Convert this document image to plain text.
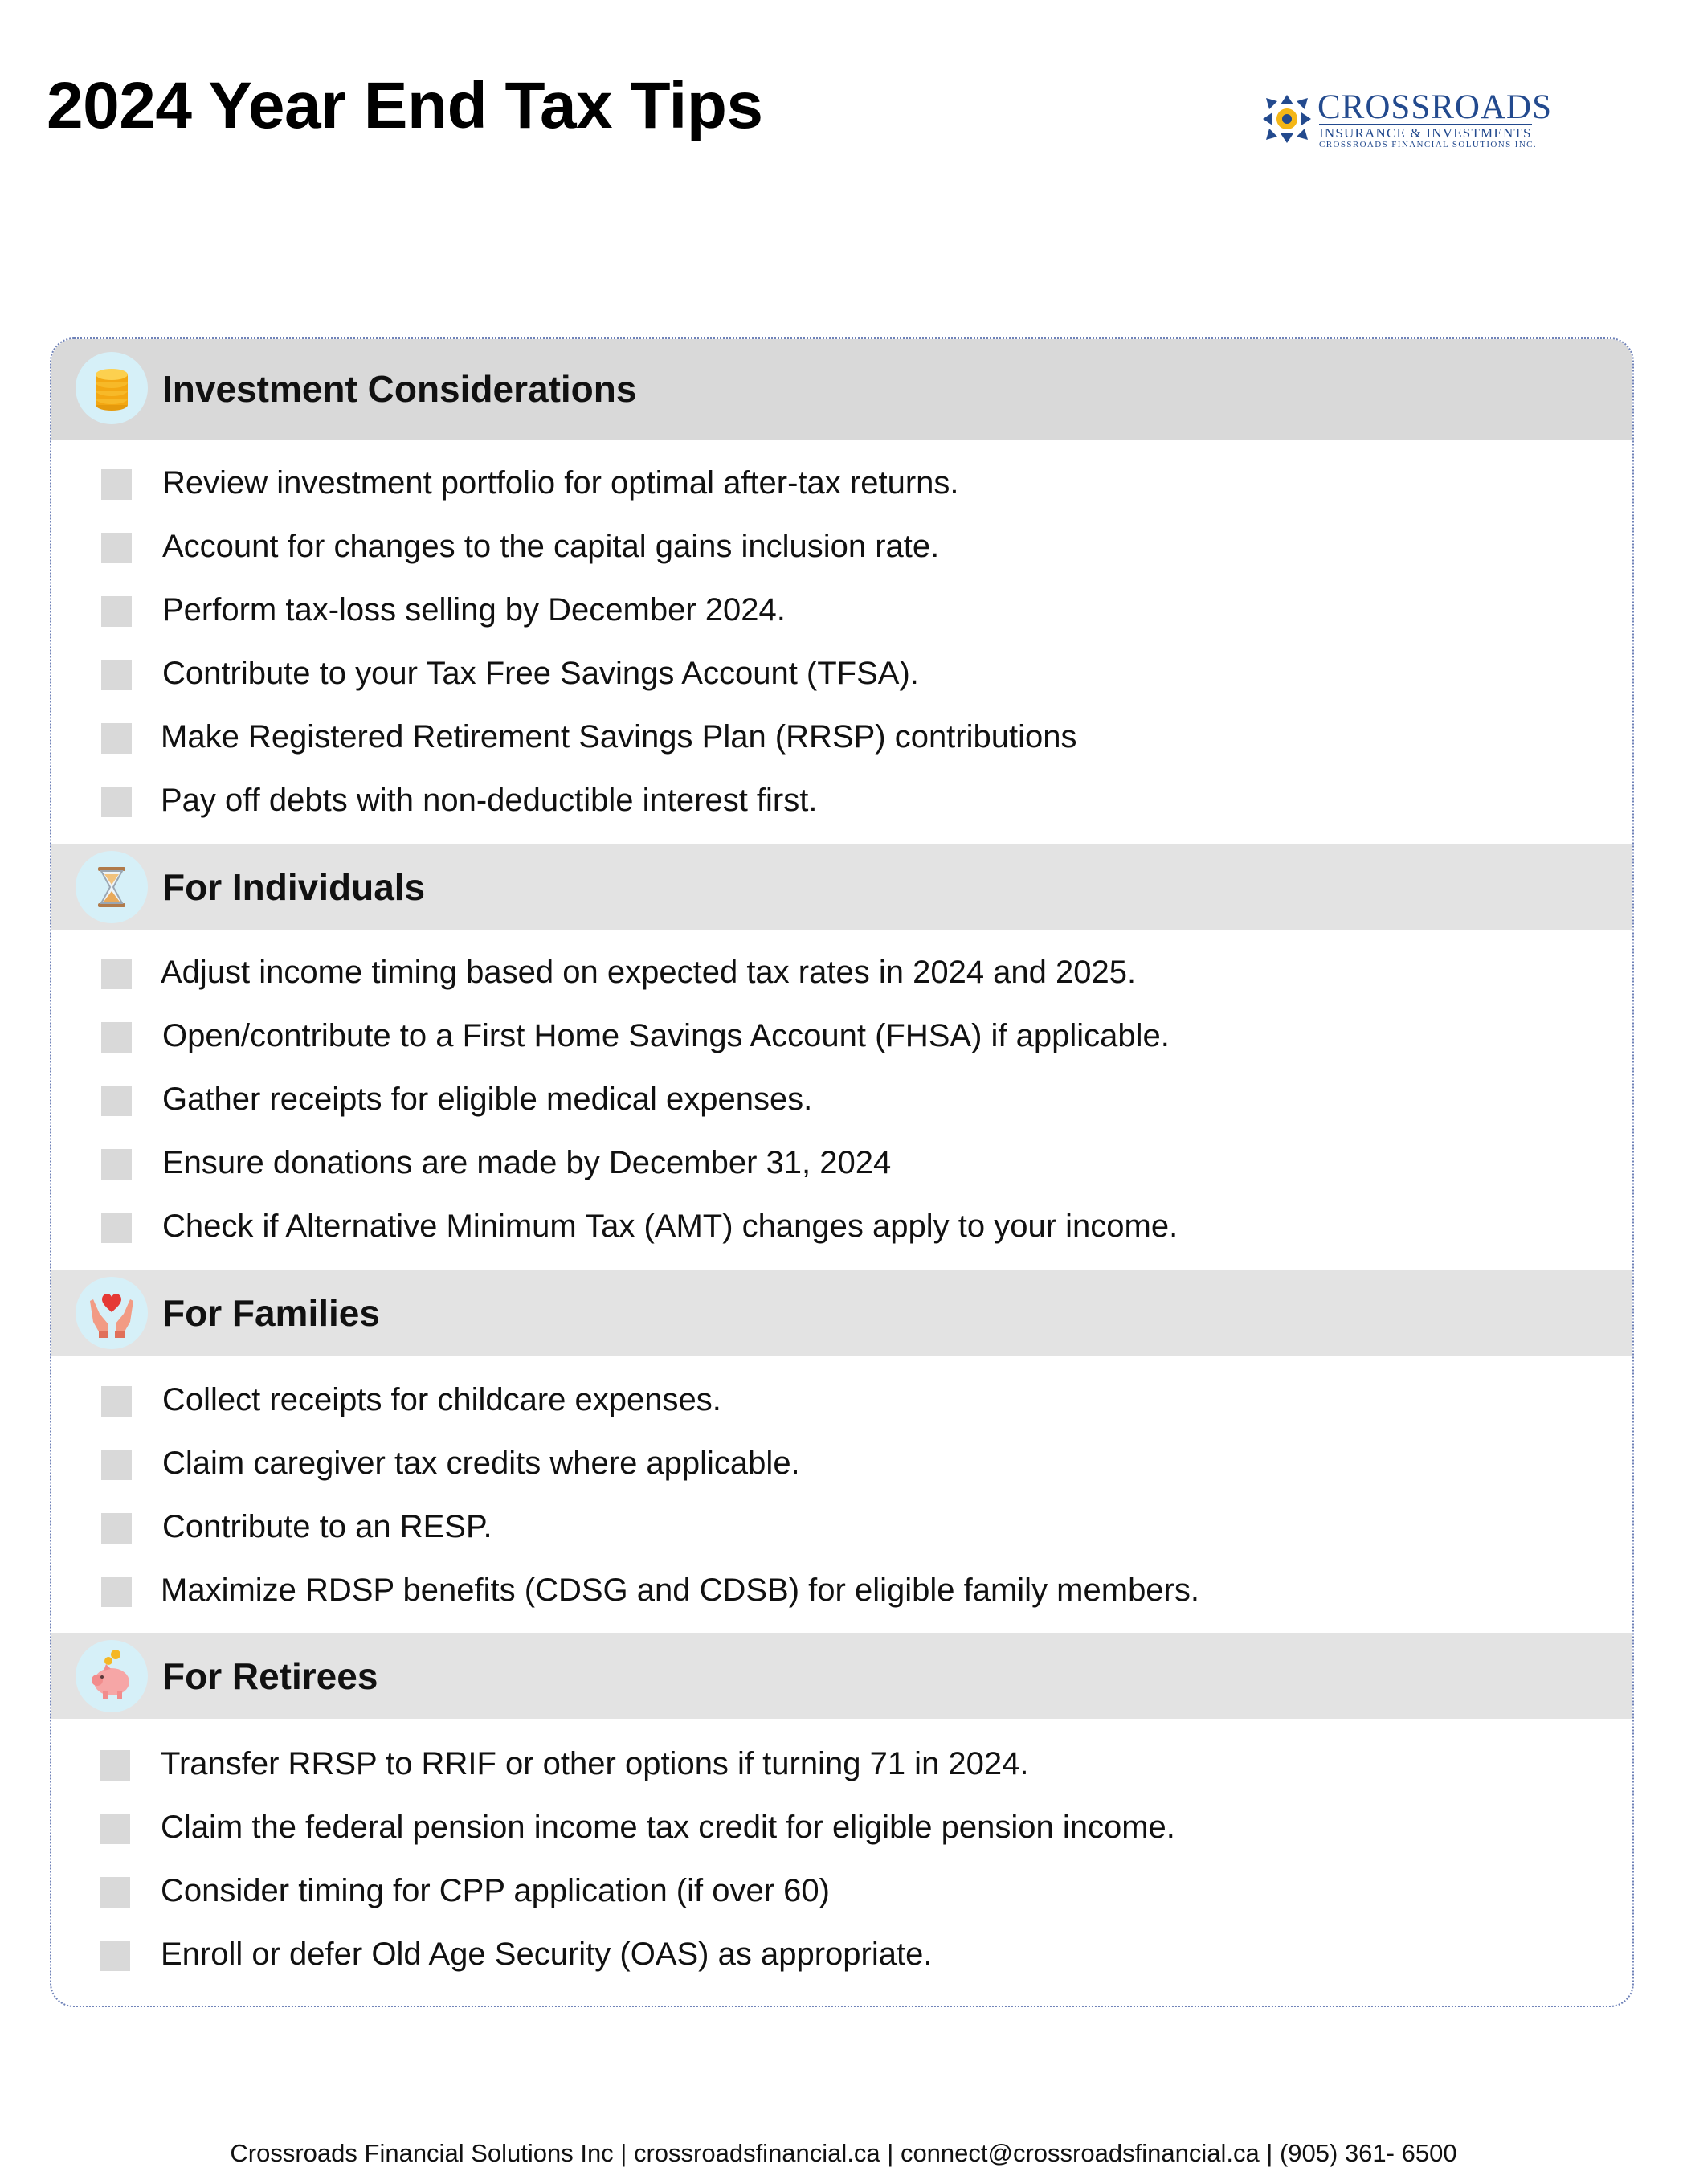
2024 Year End Tax Tips	CROSSROADS
INSURANCE & INVESTMENTS
CROSSROADS FINANCIAL SOLUTIONS INC.
Investment Considerations
Review investment portfolio for optimal after-tax returns.
Account for changes to the capital gains inclusion rate.
Perform tax-loss selling by December 2024.
Contribute to your Tax Free Savings Account (TFSA).
Make Registered Retirement Savings Plan (RRSP) contributions
Pay off debts with non-deductible interest first.
For Individuals
Adjust income timing based on expected tax rates in 2024 and 2025.
Open/contribute to a First Home Savings Account (FHSA) if applicable.
Gather receipts for eligible medical expenses.
Ensure donations are made by December 31, 2024
Check if Alternative Minimum Tax (AMT) changes apply to your income.
For Families
Collect receipts for childcare expenses.
Claim caregiver tax credits where applicable.
Contribute to an RESP.
Maximize RDSP benefits (CDSG and CDSB) for eligible family members.
For Retirees
Transfer RRSP to RRIF or other options if turning 71 in 2024.
Claim the federal pension income tax credit for eligible pension income.
Consider timing for CPP application (if over 60)
Enroll or defer Old Age Security (OAS) as appropriate.
Crossroads Financial Solutions Inc | crossroadsfinancial.ca | connect@crossroadsfinancial.ca | (905) 361- 6500
